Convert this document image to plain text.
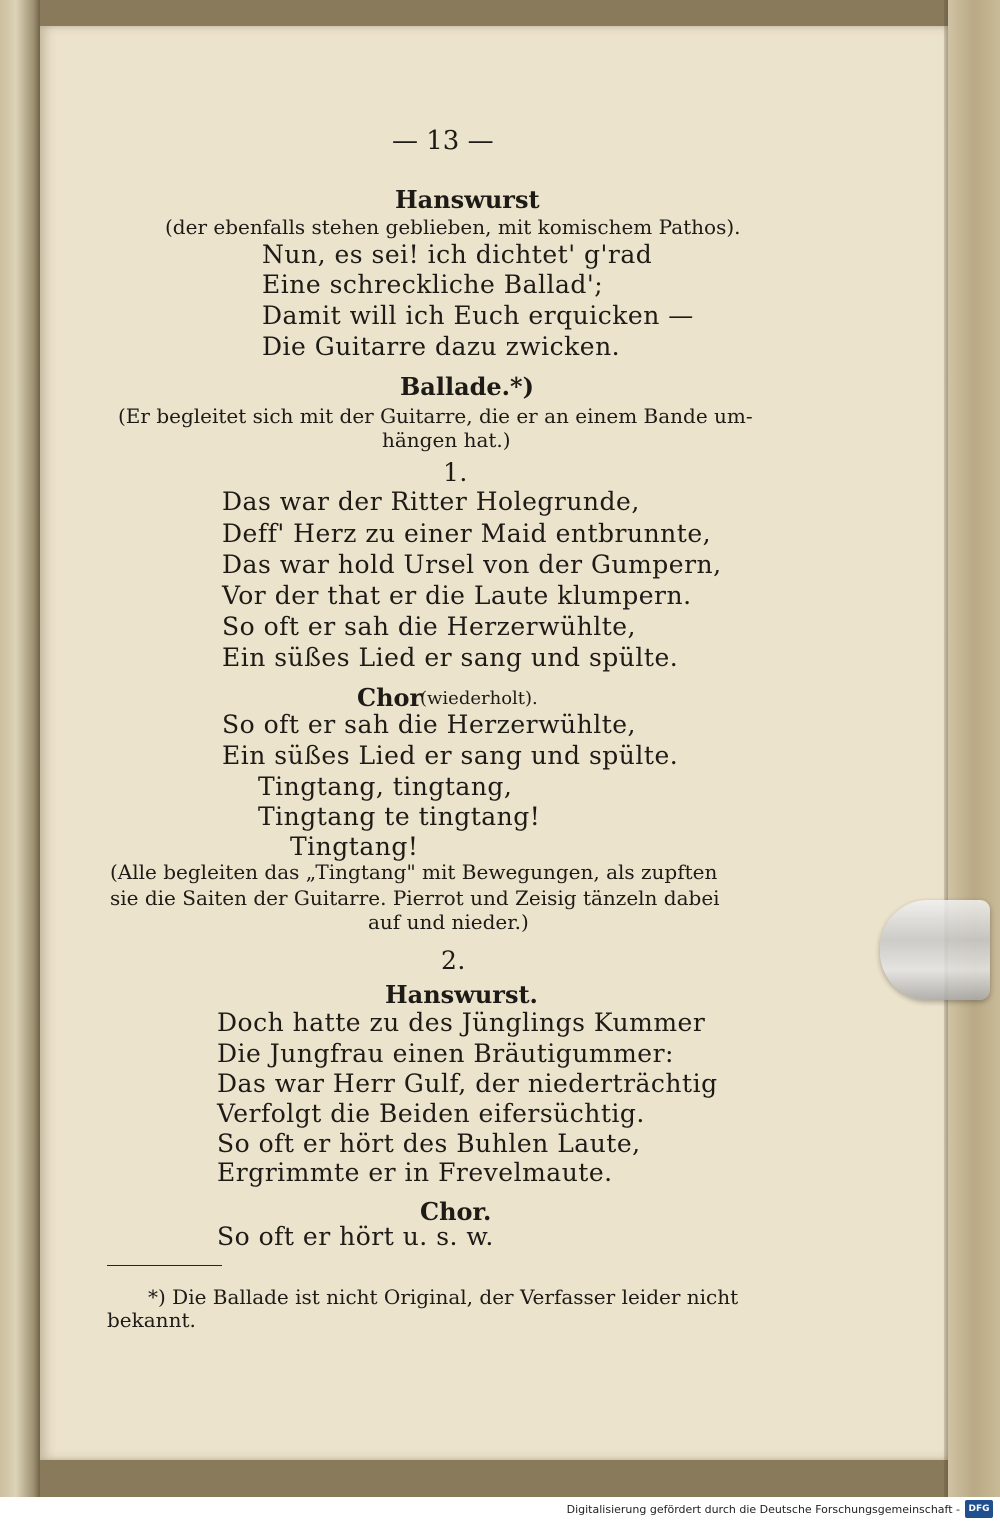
— 13 —
Hanswurst
(der ebenfalls stehen geblieben, mit komischem Pathos).
Nun, es sei! ich dichtet' g'rad
Eine schreckliche Ballad';
Damit will ich Euch erquicken —
Die Guitarre dazu zwicken.
Ballade.*)
(Er begleitet sich mit der Guitarre, die er an einem Bande um-
hängen hat.)
1.
Das war der Ritter Holegrunde,
Deff' Herz zu einer Maid entbrunnte,
Das war hold Ursel von der Gumpern,
Vor der that er die Laute klumpern.
So oft er sah die Herzerwühlte,
Ein süßes Lied er sang und spülte.
Chor
(wiederholt).
So oft er sah die Herzerwühlte,
Ein süßes Lied er sang und spülte.
Tingtang, tingtang,
Tingtang te tingtang!
Tingtang!
(Alle begleiten das „Tingtang" mit Bewegungen, als zupften
sie die Saiten der Guitarre. Pierrot und Zeisig tänzeln dabei
auf und nieder.)
2.
Hanswurst.
Doch hatte zu des Jünglings Kummer
Die Jungfrau einen Bräutigummer:
Das war Herr Gulf, der niederträchtig
Verfolgt die Beiden eifersüchtig.
So oft er hört des Buhlen Laute,
Ergrimmte er in Frevelmaute.
Chor.
So oft er hört u. s. w.
*) Die Ballade ist nicht Original, der Verfasser leider nicht
bekannt.
Digitalisierung gefördert durch die Deutsche Forschungsgemeinschaft - DFG
